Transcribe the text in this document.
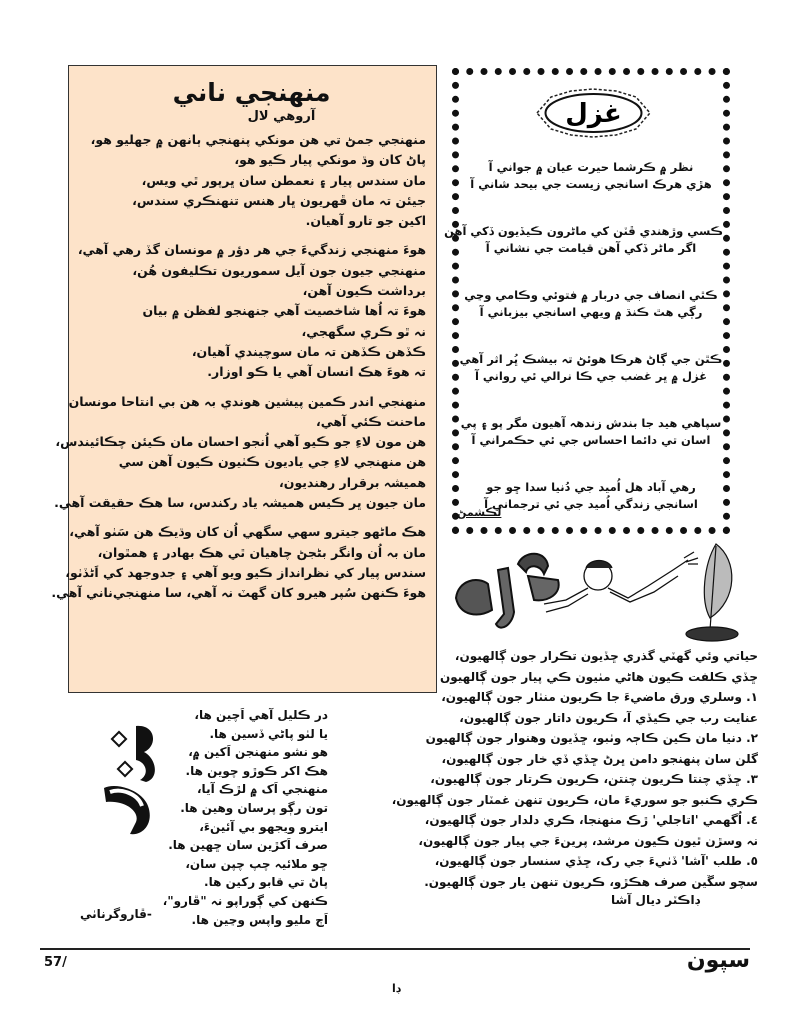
منهنجي ناني
آروهي لال
منهنجي جمڻ تي هن مونکي پنهنجي ٻانهن ۾ جهليو هو،
پاڻ کان وڌ مونکي پيار ڪيو هو،
مان سندس پيار ۽ نعمطن سان ڀرپور ٿي ويس،
جيئن تہ مان ڦهريون ڀار هنس تنهنڪري سندس،
اکين جو تارو آهيان.
هوءَ منهنجي زندگيءَ جي هر دؤر ۾ مونسان گڏ رهي آهي،
منهنجي جيون جون آيل سموريون تڪليفون هُن،
برداشت ڪيون آهن،
هوءَ تہ اُها شاخصيت آهي جنهنجو لفظن ۾ بيان
نہ ٿو ڪري سگهجي،
ڪڏهن ڪڏهن تہ مان سوچيندي آهيان،
تہ هوءَ هڪ انسان آهي يا ڪو اوزار.
منهنجي اندر ڪمين پيشين هوندي بہ هن بي انتاحا مونسان
ماحنت ڪئي آهي،
هن مون لاءِ جو ڪيو آهي اُنجو احسان مان ڪيئن چڪائيندس،
هن منهنجي لاءِ جي ياديون ڪٺيون ڪيون آهن سي
هميشہ برقرار رهنديون،
مان جيون ڀر ڪيس هميشہ ياد رکندس، سا هڪ حقيقت آهي.
هڪ ماڻهو جيترو سهي سگهي اُن کان وڌيڪ هن سَٺو آهي،
مان بہ اُن وانگر بڻجڻ چاهيان ٿي هڪ بهادر ۽ همٿوان،
سندس پيار کي نظرانداز ڪيو ويو آهي ۽ جدوجهد کي اَڻڏٺو،
هوءَ ڪنهن سُپر هيرو کان گهٽ نہ آهي، سا منهنجي‌ناني آهي.
غزل
نظر ۾ ڪرشما حيرت عيان ۾ جواني آ
هڙي هرڪ اسانجي زيست جي بيحد شاني آ
ڪسي وڙهندي ڦٽن کي ماڻرون ڪيڏيون ڏکي آهن
اگر ماڻر ڏکي آهن قيامت جي نشاني آ
ڪٿي انصاف جي دربار ۾ فتوئي وڪامي وڃي
رڳي هٿ ڪنڌ ۾ ويهي اسانجي بيزباني آ
ڪٿن جي ڳاڻ هرڪا هوئڻ تہ بيشڪ ڀُر اثر آهي
غزل ۾ ڀر غضب جي ڪا نرالي ئي رواني آ
سپاهي هيد جا بندش زندهہ آهيون مگر پو ۽ پي
اسان تي دائما احساس جي ئي حڪمراني آ
رهي آباد هل اُميد جي دُنيا سدا ڇو جو
اسانجي زندگي اُميد جي ئي ترجماني آ
لڪشمڻ
حياتي وئي گهٽي گذري ڇڏيون تڪرار جون ڳالهيون،
ڇڏي ڪلفت ڪيون هاڻي مٺيون ڪي پيار جون ڳالهيون
١. وسلري ورق ماضيءَ جا ڪريون منٺار جون ڳالهيون،
عنايت رب جي ڪيڏي آ، ڪريون داتار جون ڳالهيون،
٢. دنيا مان ڪين ڪاڄہ وٺبو، ڇڏيون وهنوار جون ڳالهيون
گلن سان پنهنجو دامن ڀرڻ ڇڏي ڏي خار جون ڳالهيون،
٣. ڇڏي چنتا ڪريون چنتن، ڪريون ڪرتار جون ڳالهيون،
ڪري ڪنبو جو سوريءَ مان، ڪريون تنهن غمٽار جون ڳالهيون،
٤. اُگهمي 'اتاجلي' ڙڪ منهنجا، ڪري دلدار جون ڳالهيون،
نہ وسڙن ٿيون ڪيون مرشد، پرينءَ جي پيار جون ڳالهيون،
٥. طلب 'آشا' ڏٺيءَ جي رک، ڇڏي سنسار جون ڳالهيون،
سچو سڱين صرف هڪڙو، ڪريون تنهن يار جون ڳالهيون.
ڊاڪٽر ديال آشا
در ڪليل آهي اَچين ها،
يا لٺو پاڻي ڏسين ها.
هو نشو منهنجن اَکين ۾،
هڪ اکر ڪوڙو چوين ها.
منهنجي اَک ۾ لڙڪ آيا،
تون رڳو پرسان وهين ها.
ايترو ويجهو بي آئينءَ،
صرف اَکڙين سان ڇهين ها.
ڇو ملائيہ چپ چپن سان،
پاڻ تي قابو رکين ها.
ڪنهن کي ڳوراپو نہ "ڦارو"،
اَڄ مليو واپس وڃين ها.
-ڦاروگرناٺي
57/	سپون
ڊا
